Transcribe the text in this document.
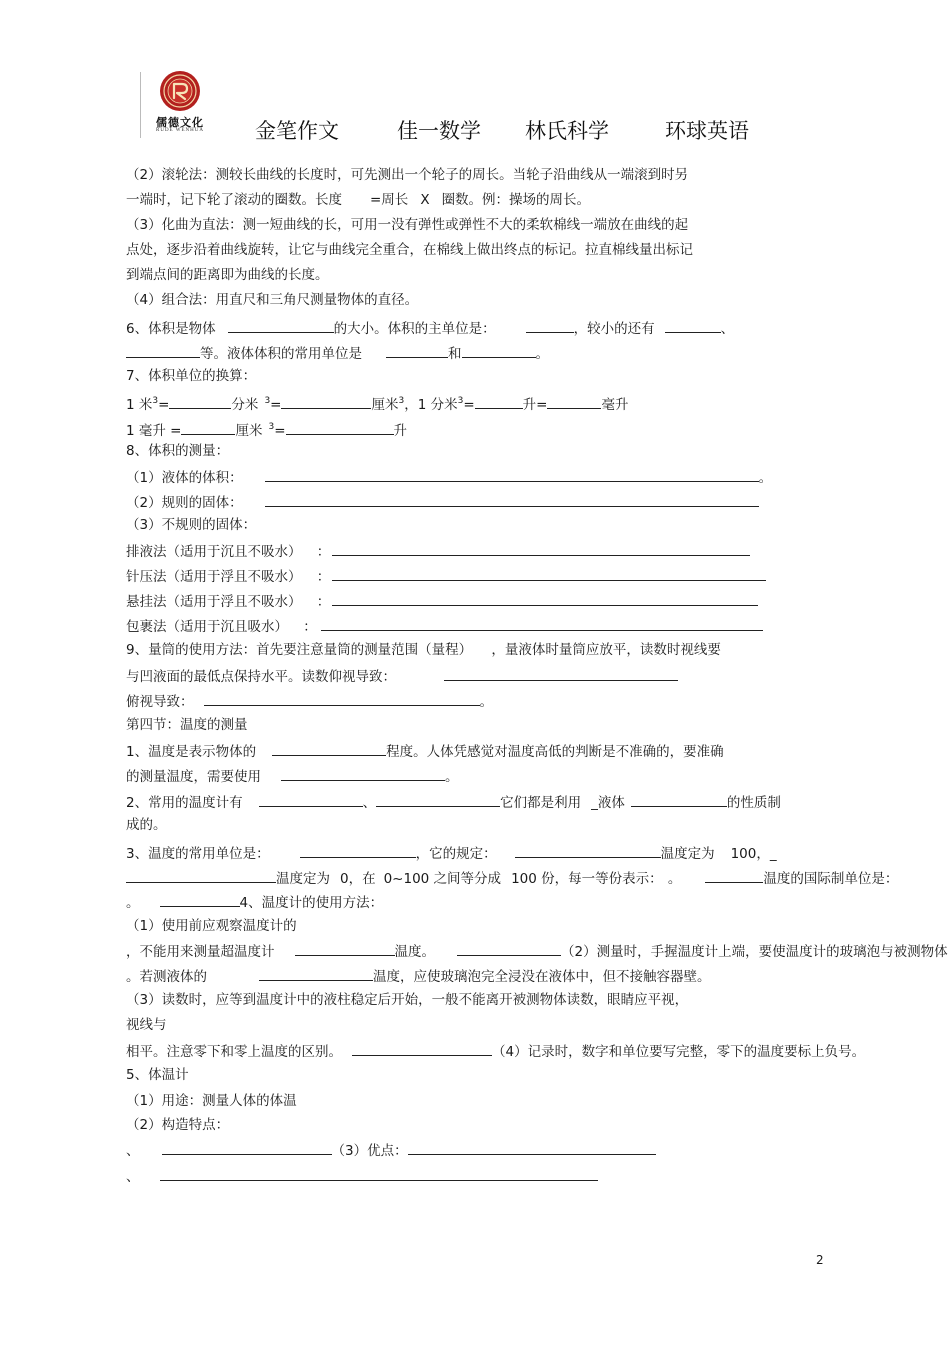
儒德文化
RUDE WENHUA	金笔作文	佳一数学 林氏科学	环球英语
（2）滚轮法：测较长曲线的长度时，可先测出一个轮子的周长。当轮子沿曲线从一端滚到时另
一端时，记下轮了滚动的圈数。长度 =周长 X 圈数。例：操场的周长。
（3）化曲为直法：测一短曲线的长，可用一没有弹性或弹性不大的柔软棉线一端放在曲线的起
点处，逐步沿着曲线旋转，让它与曲线完全重合，在棉线上做出终点的标记。拉直棉线量出标记
到端点间的距离即为曲线的长度。
（4）组合法：用直尺和三角尺测量物体的直径。
6、体积是物体	的大小。体积的主单位是：	，较小的还有	、
等。液体体积的常用单位是	和	。
7、体积单位的换算：
1 米$^3$=	分米 $^3$=	厘米$^3$，1 分米$^3$=	升=	毫升
1 毫升 =	厘米 $^3$=	升
8、体积的测量：
（1）液体的体积：	。
（2）规则的固体：
（3）不规则的固体：
排液法（适用于沉且不吸水） ：
针压法（适用于浮且不吸水） ：
悬挂法（适用于浮且不吸水） ：
包裹法（适用于沉且吸水） ：
9、量筒的使用方法：首先要注意量筒的测量范围（量程） ，量液体时量筒应放平，读数时视线要
与凹液面的最低点保持水平。读数仰视导致：
俯视导致：	。
第四节：温度的测量
1、温度是表示物体的	程度。人体凭感觉对温度高低的判断是不准确的，要准确
的测量温度，需要使用	。
2、常用的温度计有	、	它们都是利用 _液体	的性质制
成的。
3、温度的常用单位是：	，它的规定：	温度定为 100，_
温度定为 0，在 0~100 之间等分成 100 份，每一等份表示： 。	温度的国际制单位是：
。	4、温度计的使用方法：
（1）使用前应观察温度计的
，不能用来测量超温度计	温度。	（2）测量时，手握温度计上端，要使温度计的玻璃泡与被测物体
。若测液体的	温度，应使玻璃泡完全浸没在液体中，但不接触容器壁。
（3）读数时，应等到温度计中的液柱稳定后开始，一般不能离开被测物体读数，眼睛应平视，
视线与
相平。注意零下和零上温度的区别。	（4）记录时，数字和单位要写完整，零下的温度要标上负号。
5、体温计
（1）用途：测量人体的体温
（2）构造特点：
、	（3）优点：
、
2
